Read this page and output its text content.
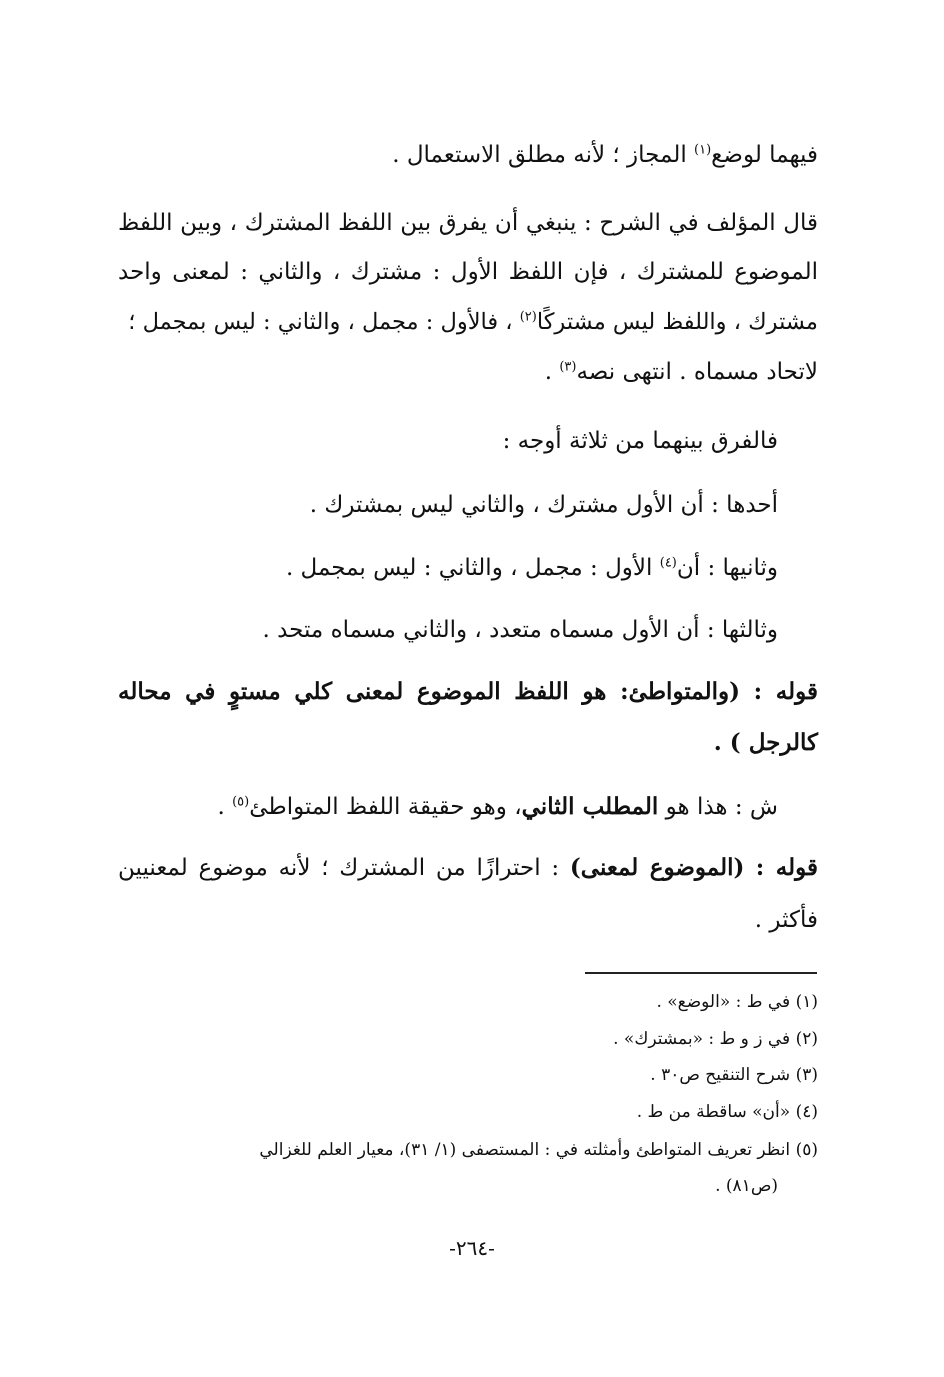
فيهما لوضع$^{(١)}$ المجاز ؛ لأنه مطلق الاستعمال .
قال المؤلف في الشرح : ينبغي أن يفرق بين اللفظ المشترك ، وبين اللفظ
الموضوع للمشترك ، فإن اللفظ الأول : مشترك ، والثاني : لمعنى واحد
مشترك ، واللفظ ليس مشتركًا$^{(٢)}$ ، فالأول : مجمل ، والثاني : ليس بمجمل ؛
لاتحاد مسماه . انتهى نصه$^{(٣)}$ .
فالفرق بينهما من ثلاثة أوجه :
أحدها : أن الأول مشترك ، والثاني ليس بمشترك .
وثانيها : أن$^{(٤)}$ الأول : مجمل ، والثاني : ليس بمجمل .
وثالثها : أن الأول مسماه متعدد ، والثاني مسماه متحد .
قوله : (والمتواطئ: هو اللفظ الموضوع لمعنى كلي مستوٍ في محاله
كالرجل ) .
ش : هذا هو المطلب الثاني، وهو حقيقة اللفظ المتواطئ$^{(٥)}$ .
قوله : (الموضوع لمعنى) : احترازًا من المشترك ؛ لأنه موضوع لمعنيين
فأكثر .
(١) في ط : «الوضع» .
(٢) في ز و ط : «بمشترك» .
(٣) شرح التنقيح ص٣٠ .
(٤) «أن» ساقطة من ط .
(٥) انظر تعريف المتواطئ وأمثلته في : المستصفى (١/ ٣١)، معيار العلم للغزالي
(ص٨١) .
-٢٦٤-
